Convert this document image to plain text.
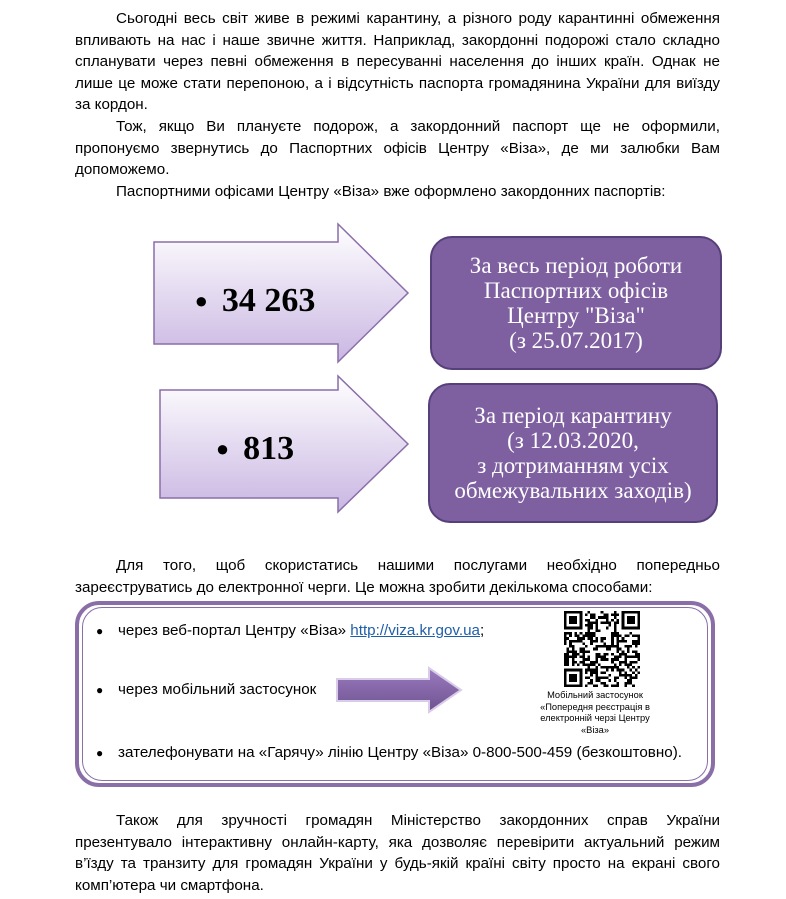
Сьогодні весь світ живе в режимі карантину, а різного роду карантинні обмеження впливають на нас і наше звичне життя. Наприклад, закордонні подорожі стало складно спланувати через певні обмеження в пересуванні населення до інших країн. Однак не лише це може стати перепоною, а і відсутність паспорта громадянина України для виїзду за кордон.

Тож, якщо Ви плануєте подорож, а закордонний паспорт ще не оформили, пропонуємо звернутись до Паспортних офісів Центру «Віза», де ми залюбки Вам допоможемо.

Паспортними офісами Центру «Віза» вже оформлено закордонних паспортів:

● 34 263
За весь період роботи
Паспортних офісів
Центру "Віза"
(з 25.07.2017)
● 813
За період карантину
(з 12.03.2020,
з дотриманням усіх
обмежувальних заходів)

Для того, щоб скористатись нашими послугами необхідно попередньо зареєструватись до електронної черги. Це можна зробити декількома способами:

● через веб-портал Центру «Віза» http://viza.kr.gov.ua;
● через мобільний застосунок	Мобільний застосунок
«Попередня реєстрація в
електронній черзі Центру «Віза»
● зателефонувати на «Гарячу» лінію Центру «Віза» 0-800-500-459 (безкоштовно).

Також для зручності громадян Міністерство закордонних справ України презентувало інтерактивну онлайн-карту, яка дозволяє перевірити актуальний режим в’їзду та транзиту для громадян України у будь-якій країні світу просто на екрані свого комп’ютера чи смартфона.
